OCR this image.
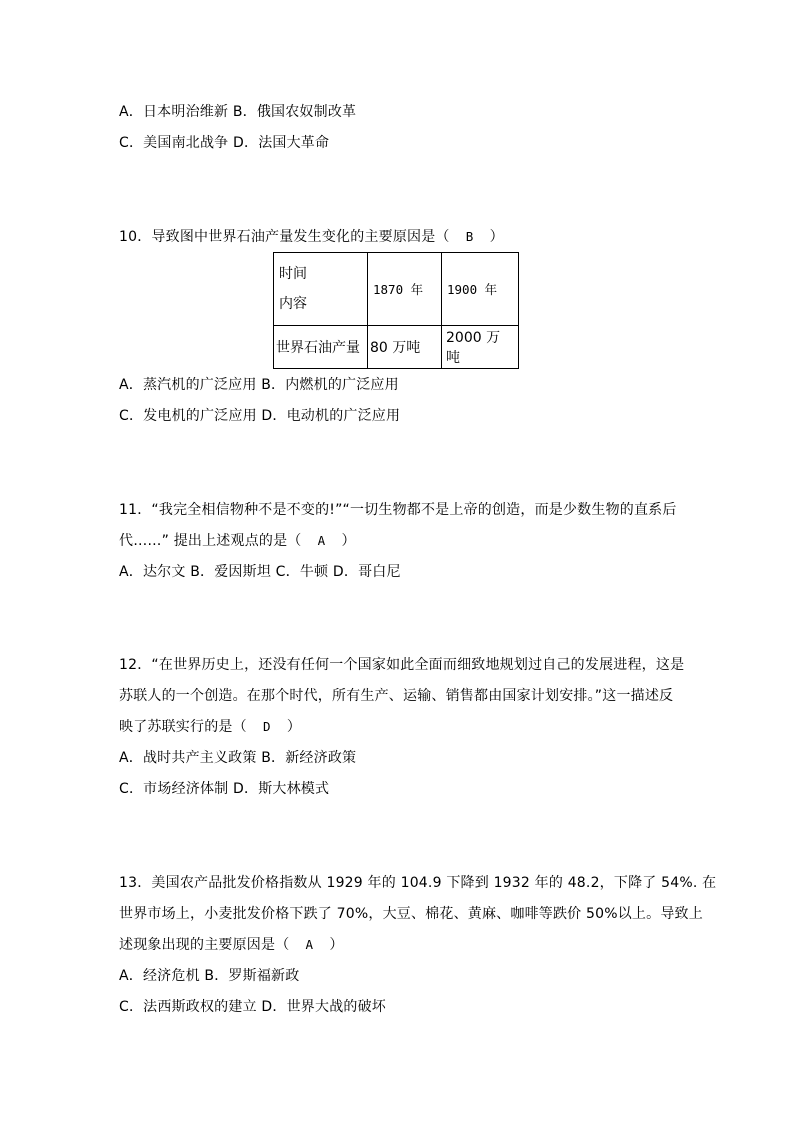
A．日本明治维新 B．俄国农奴制改革
C．美国南北战争 D．法国大革命
10．导致图中世界石油产量发生变化的主要原因是（ B ）
时间
内容	1870 年	1900 年
世界石油产量	80 万吨	2000 万吨
A．蒸汽机的广泛应用 B．内燃机的广泛应用
C．发电机的广泛应用 D．电动机的广泛应用
11．“我完全相信物种不是不变的!”“一切生物都不是上帝的创造，而是少数生物的直系后
代……” 提出上述观点的是（ A ）
A．达尔文 B．爱因斯坦 C．牛顿 D．哥白尼
12．“在世界历史上，还没有任何一个国家如此全面而细致地规划过自己的发展进程，这是
苏联人的一个创造。在那个时代，所有生产、运输、销售都由国家计划安排。”这一描述反
映了苏联实行的是（ D ）
A．战时共产主义政策 B．新经济政策
C．市场经济体制 D．斯大林模式
13．美国农产品批发价格指数从 1929 年的 104.9 下降到 1932 年的 48.2，下降了 54%. 在
世界市场上，小麦批发价格下跌了 70%，大豆、棉花、黄麻、咖啡等跌价 50%以上。导致上
述现象出现的主要原因是（ A ）
A．经济危机 B．罗斯福新政
C．法西斯政权的建立 D．世界大战的破坏
